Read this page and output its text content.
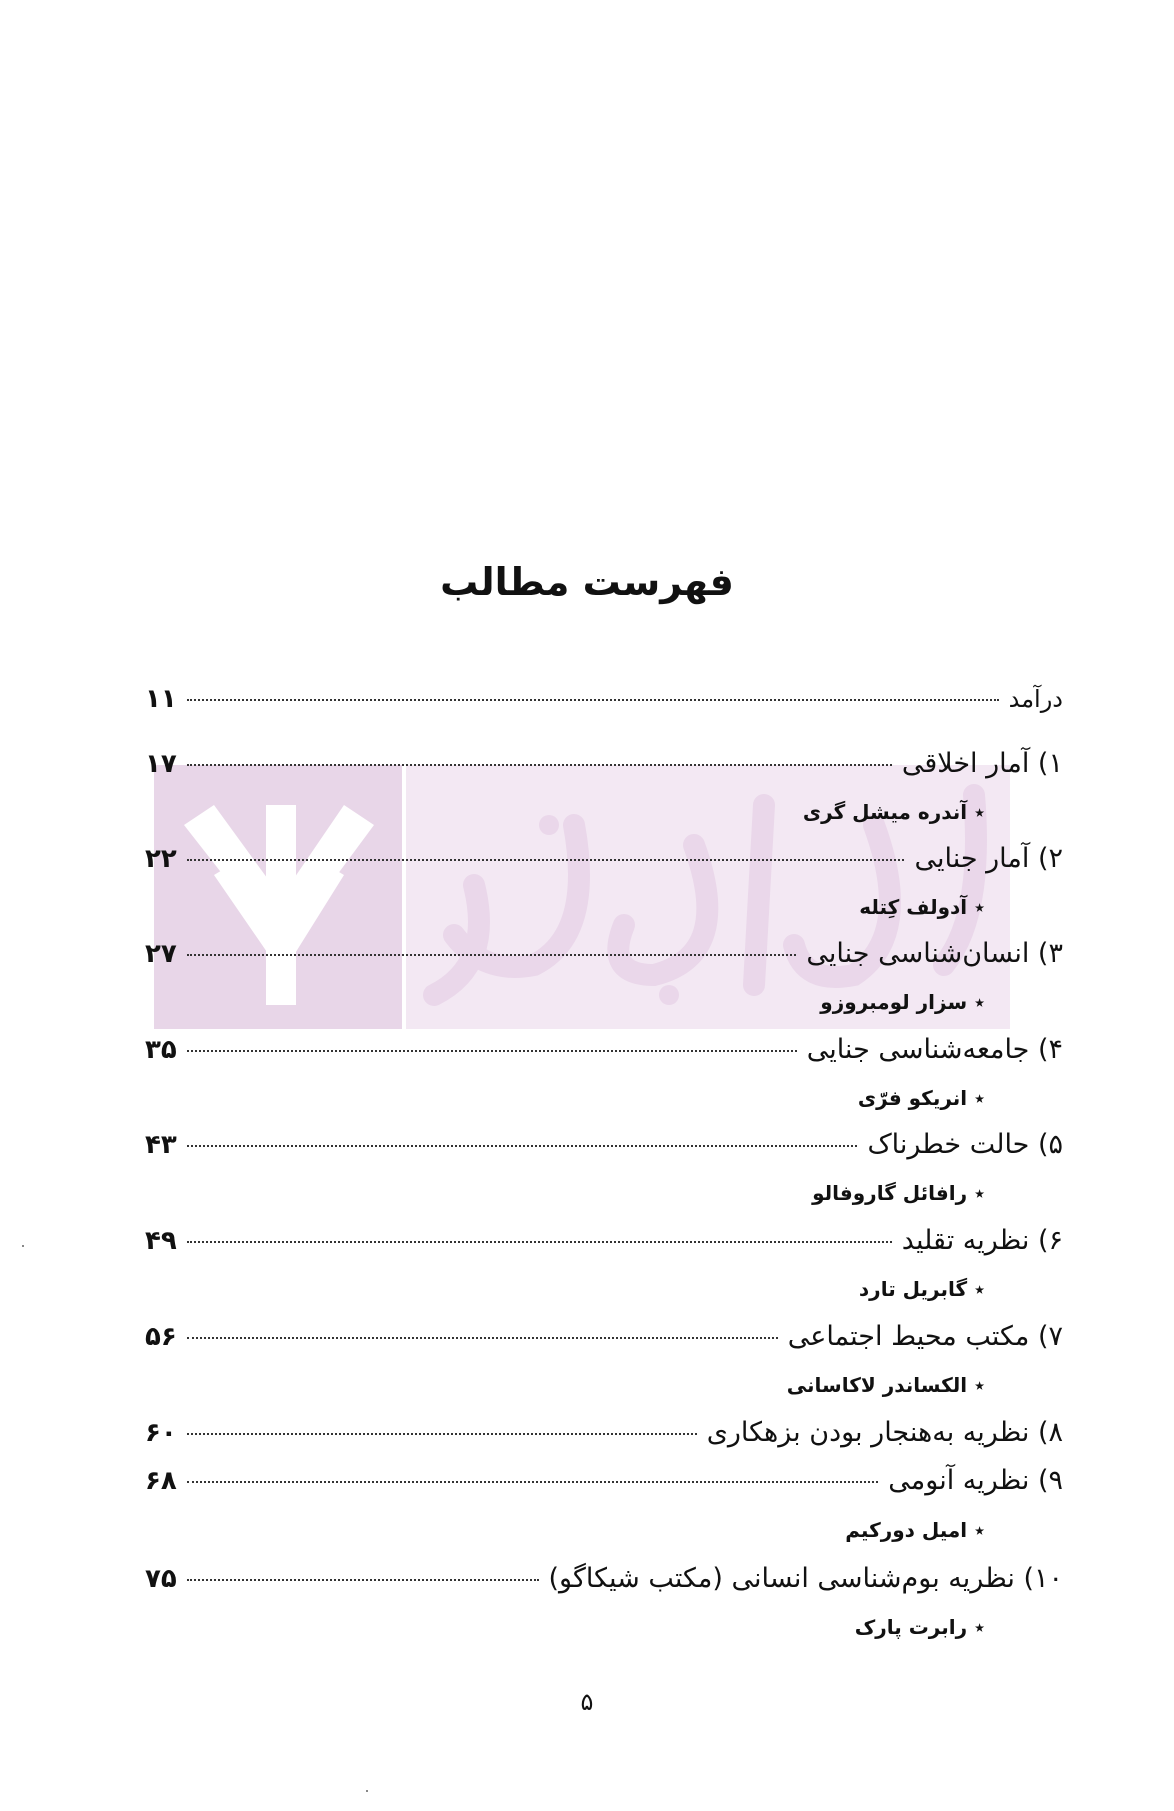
فهرست مطالب
درآمد
۱۱
۱) آمار اخلاقی
۱۷
٭ آندره میشل گری
۲) آمار جنایی
۲۲
٭ آدولف کِتله
۳) انسان‌شناسی جنایی
۲۷
٭ سزار لومبروزو
۴) جامعه‌شناسی جنایی
۳۵
٭ انریکو فرّی
۵) حالت خطرناک
۴۳
٭ رافائل گاروفالو
۶) نظریه تقلید
۴۹
٭ گابریل تارد
۷) مکتب محیط اجتماعی
۵۶
٭ الکساندر لاکاسانی
۸) نظریه به‌هنجار بودن بزهکاری
۶۰
۹) نظریه آنومی
۶۸
٭ امیل دورکیم
۱۰) نظریه بوم‌شناسی انسانی (مکتب شیکاگو)
۷۵
٭ رابرت پارک
۵
